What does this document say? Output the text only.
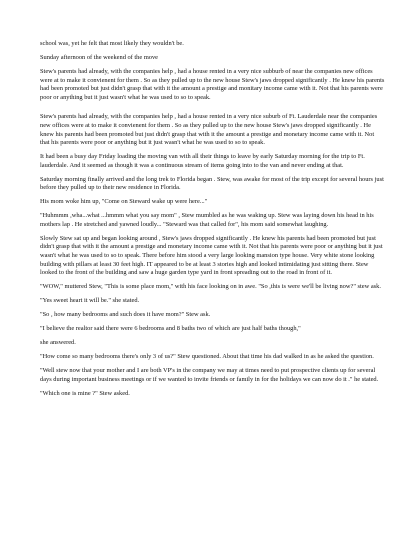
school was, yet he felt that most likely they wouldn't be.

Sunday afternoon of the weekend of the move

Stew's parents had already, with the companies help , had a house rented in a very nice subburb of near the companies new offices were at to make it convienent for them . So as they pulled up to the new house Stew's jaws dropped significantly . He knew his parents had been promoted but just didn't grasp that with it the amount a prestige and monitary income came with it. Not that his parents were poor or anything but it just wasn't what he was used to so to speak.

Stew's parents had already, with the companies help , had a house rented in a very nice suburb of Ft. Lauderdale near the companies new offices were at to make it convienent for them . So as they pulled up to the new house Stew's jaws dropped significantly . He knew his parents had been promoted but just didn't grasp that with it the amount a prestige and monetary income came with it. Not that his parents were poor or anything but it just wasn't what he was used to so to speak.

It had been a busy day Friday loading the moving van with all their things to leave by early Saturday morning for the trip to Ft. lauderdale. And it seemed as though it was a continuous stream of items going into to the van and never ending at that.

Saturday morning finally arrived and the long trek to Florida began . Stew, was awake for most of the trip except for several hours just before they pulled up to their new residence in Florida.

His mom woke him up, "Come on Steward wake up were here..."

"Huhmmm ,wha...what ...hmmm what you say mom" , Stew mumbled as he was waking up. Stew was laying down his head in his mothers lap . He stretched and yawned loudly... "Steward was that called for", his mom said somewhat laughing.

Slowly Stew sat up and began looking around , Stew's jaws dropped significantly . He knew his parents had been promoted but just didn't grasp that with it the amount a prestige and monetary income came with it. Not that his parents were poor or anything but it just wasn't what he was used to so to speak. There before him stood a very large looking mansion type house. Very white stone looking building with pillars at least 30 feet high. IT appeared to be at least 3 stories high and looked intimidating just sitting there. Stew looked to the front of the building and saw a huge garden type yard in front spreading out to the road in front of it.

"WOW," muttered Stew, "This is some place mom," with his face looking on in awe. "So ,this is were we'll be living now?" stew ask.

"Yes sweet heart it will be." she stated.

"So , how many bedrooms and such does it have mom?" Stew ask.

"I believe the realtor said there were 6 bedrooms and 8 baths two of which are just half baths though,"

she answered.

"How come so many bedrooms there's only 3 of us?" Stew questioned. About that time his dad walked in as he asked the question.

"Well stew now that your mother and I are both VP's in the company we may at times need to put prospective clients up for several days during important business meetings or if we wanted to invite friends or family in for the holidays we can now do it ." he stated.

"Which one is mine ?" Stew asked.
